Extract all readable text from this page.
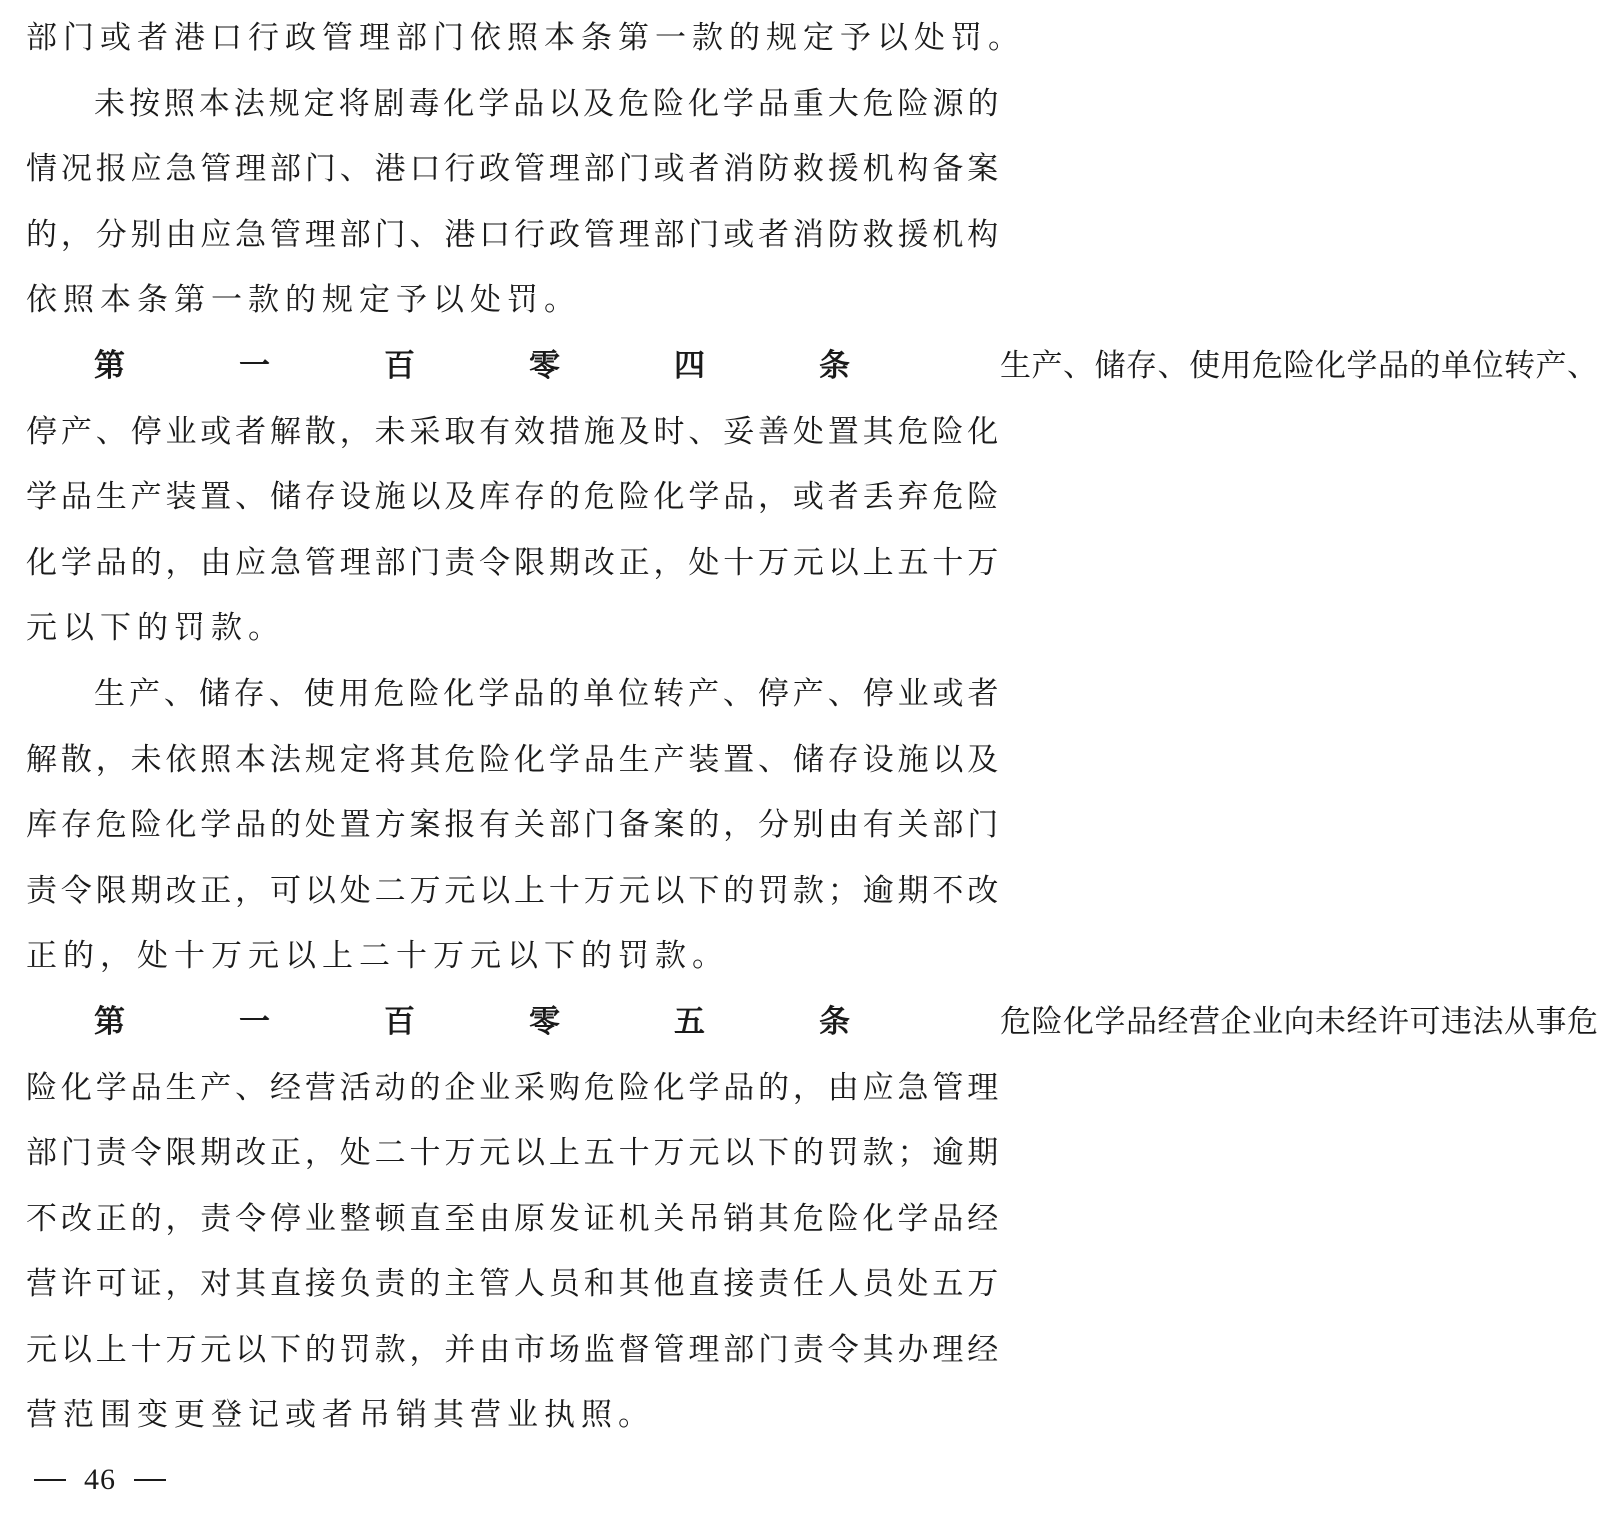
部门或者港口行政管理部门依照本条第一款的规定予以处罚。
未 按 照 本 法 规 定 将 剧 毒 化 学 品 以 及 危 险 化 学 品 重 大 危 险 源 的
情 况 报 应 急 管 理 部 门 、 港 口 行 政 管 理 部 门 或 者 消 防 救 援 机 构 备 案
的 ， 分 别 由 应 急 管 理 部 门 、 港 口 行 政 管 理 部 门 或 者 消 防 救 援 机 构
依照本条第一款的规定予以处罚。
第一百零四条 生 产 、 储 存 、 使 用 危 险 化 学 品 的 单 位 转 产 、
停 产 、 停 业 或 者 解 散 ， 未 采 取 有 效 措 施 及 时 、 妥 善 处 置 其 危 险 化
学 品 生 产 装 置 、 储 存 设 施 以 及 库 存 的 危 险 化 学 品 ， 或 者 丢 弃 危 险
化 学 品 的 ， 由 应 急 管 理 部 门 责 令 限 期 改 正 ， 处 十 万 元 以 上 五 十 万
元以下的罚款。
生 产 、 储 存 、 使 用 危 险 化 学 品 的 单 位 转 产 、 停 产 、 停 业 或 者
解 散 ， 未 依 照 本 法 规 定 将 其 危 险 化 学 品 生 产 装 置 、 储 存 设 施 以 及
库 存 危 险 化 学 品 的 处 置 方 案 报 有 关 部 门 备 案 的 ， 分 别 由 有 关 部 门
责 令 限 期 改 正 ， 可 以 处 二 万 元 以 上 十 万 元 以 下 的 罚 款 ； 逾 期 不 改
正的，处十万元以上二十万元以下的罚款。
第一百零五条 危 险 化 学 品 经 营 企 业 向 未 经 许 可 违 法 从 事 危
险 化 学 品 生 产 、 经 营 活 动 的 企 业 采 购 危 险 化 学 品 的 ， 由 应 急 管 理
部 门 责 令 限 期 改 正 ， 处 二 十 万 元 以 上 五 十 万 元 以 下 的 罚 款 ； 逾 期
不 改 正 的 ， 责 令 停 业 整 顿 直 至 由 原 发 证 机 关 吊 销 其 危 险 化 学 品 经
营 许 可 证 ， 对 其 直 接 负 责 的 主 管 人 员 和 其 他 直 接 责 任 人 员 处 五 万
元 以 上 十 万 元 以 下 的 罚 款 ， 并 由 市 场 监 督 管 理 部 门 责 令 其 办 理 经
营范围变更登记或者吊销其营业执照。
46
